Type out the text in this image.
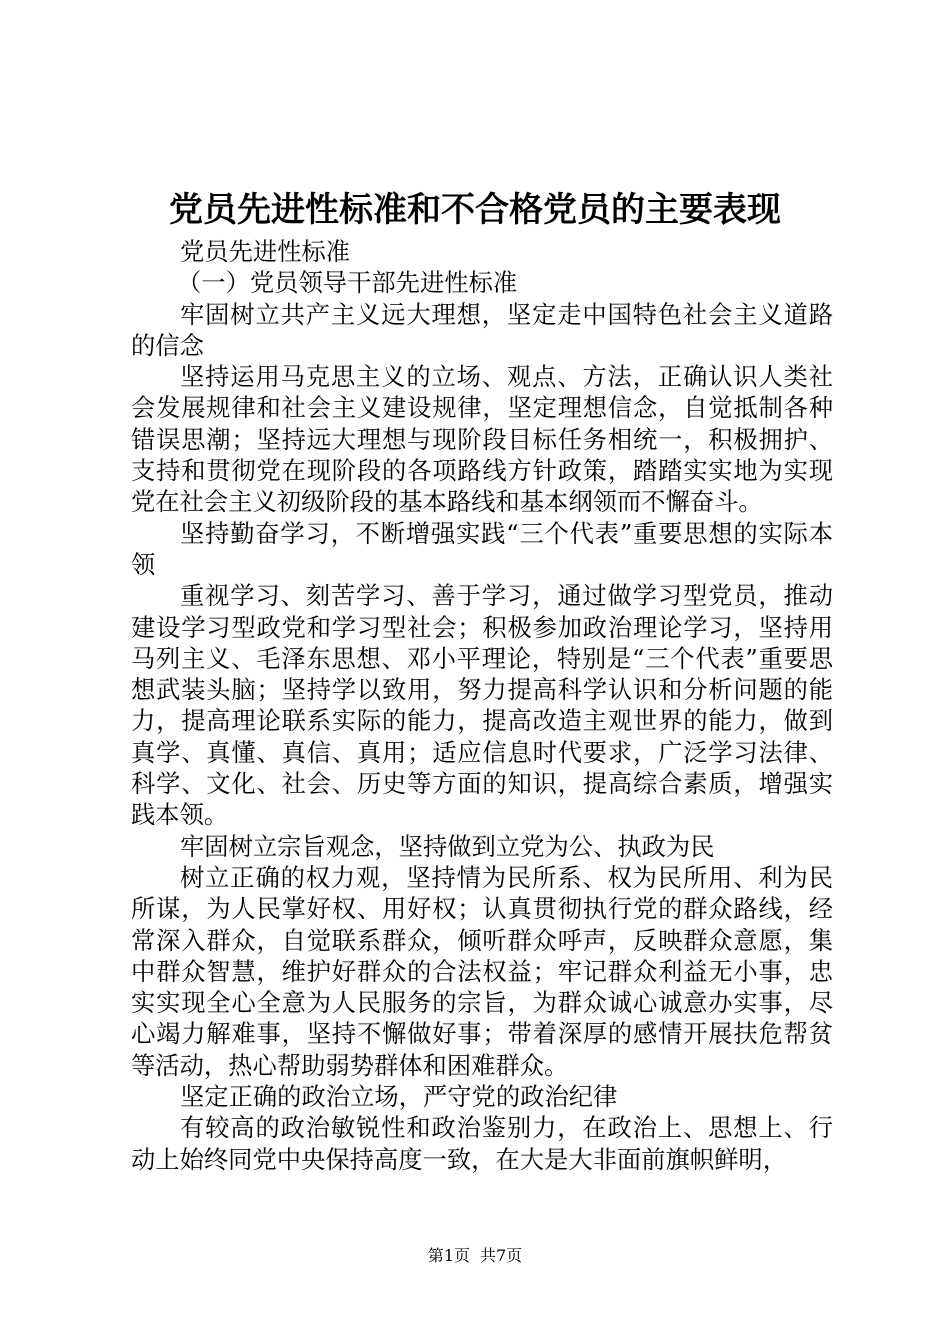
党员先进性标准和不合格党员的主要表现

党员先进性标准

（一）党员领导干部先进性标准

牢固树立共产主义远大理想，坚定走中国特色社会主义道路的信念

坚持运用马克思主义的立场、观点、方法，正确认识人类社会发展规律和社会主义建设规律，坚定理想信念，自觉抵制各种错误思潮；坚持远大理想与现阶段目标任务相统一，积极拥护、支持和贯彻党在现阶段的各项路线方针政策，踏踏实实地为实现党在社会主义初级阶段的基本路线和基本纲领而不懈奋斗。

坚持勤奋学习，不断增强实践“三个代表”重要思想的实际本领

重视学习、刻苦学习、善于学习，通过做学习型党员，推动建设学习型政党和学习型社会；积极参加政治理论学习，坚持用马列主义、毛泽东思想、邓小平理论，特别是“三个代表”重要思想武装头脑；坚持学以致用，努力提高科学认识和分析问题的能力，提高理论联系实际的能力，提高改造主观世界的能力，做到真学、真懂、真信、真用；适应信息时代要求，广泛学习法律、科学、文化、社会、历史等方面的知识，提高综合素质，增强实践本领。

牢固树立宗旨观念，坚持做到立党为公、执政为民

树立正确的权力观，坚持情为民所系、权为民所用、利为民所谋，为人民掌好权、用好权；认真贯彻执行党的群众路线，经常深入群众，自觉联系群众，倾听群众呼声，反映群众意愿，集中群众智慧，维护好群众的合法权益；牢记群众利益无小事，忠实实现全心全意为人民服务的宗旨，为群众诚心诚意办实事，尽心竭力解难事，坚持不懈做好事；带着深厚的感情开展扶危帮贫等活动，热心帮助弱势群体和困难群众。

坚定正确的政治立场，严守党的政治纪律

有较高的政治敏锐性和政治鉴别力，在政治上、思想上、行动上始终同党中央保持高度一致，在大是大非面前旗帜鲜明，

第1页 共7页
